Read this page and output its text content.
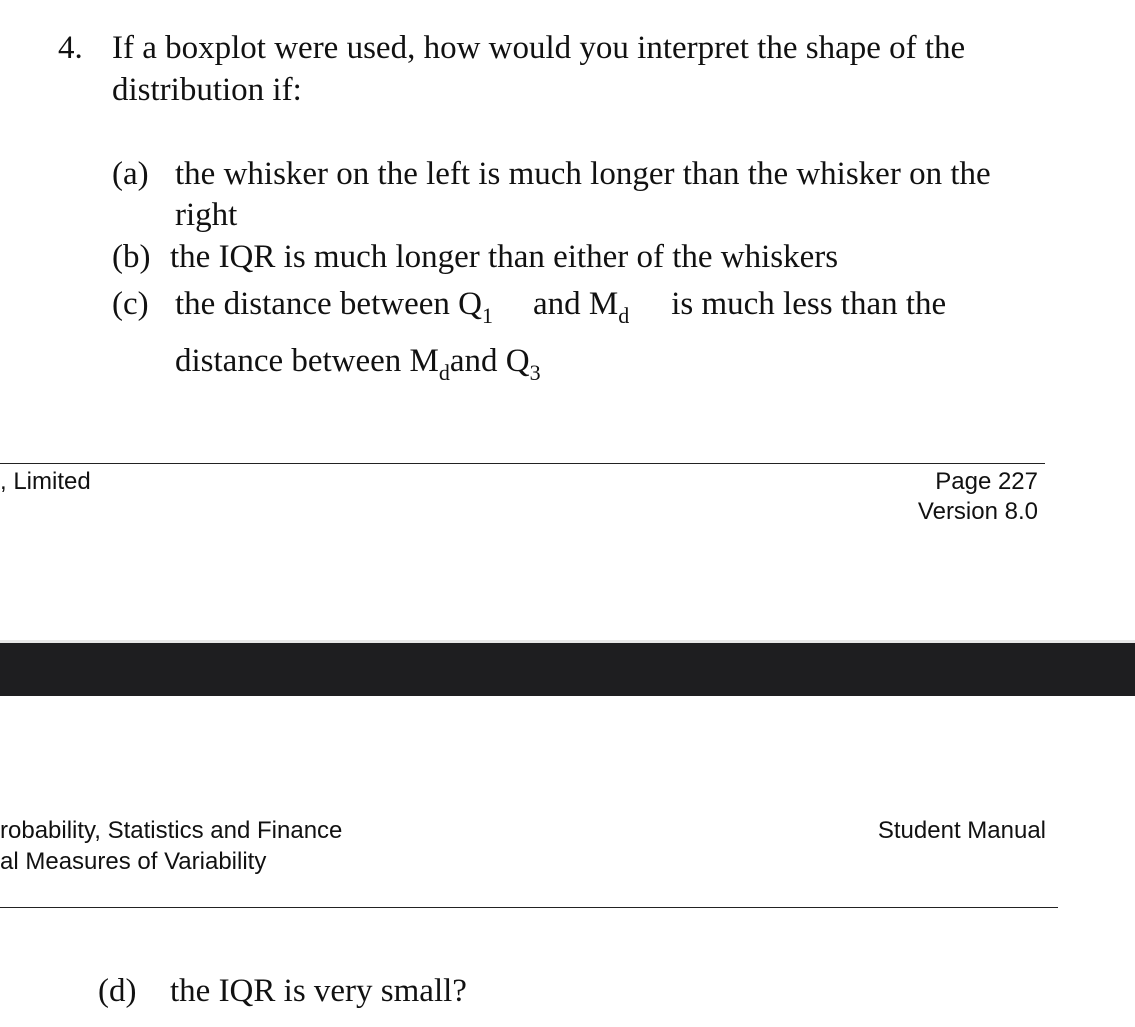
4. If a boxplot were used, how would you interpret the shape of the
distribution if:
(a) the whisker on the left is much longer than the whisker on the
right
(b) the IQR is much longer than either of the whiskers
(c) the distance between $Q_1$ and $M_d$ is much less than the
distance between $M_dand$ $Q_3$
, Limited	Page 227
Version 8.0
robability, Statistics and Finance
al Measures of Variability
Student Manual
(d) the IQR is very small?
